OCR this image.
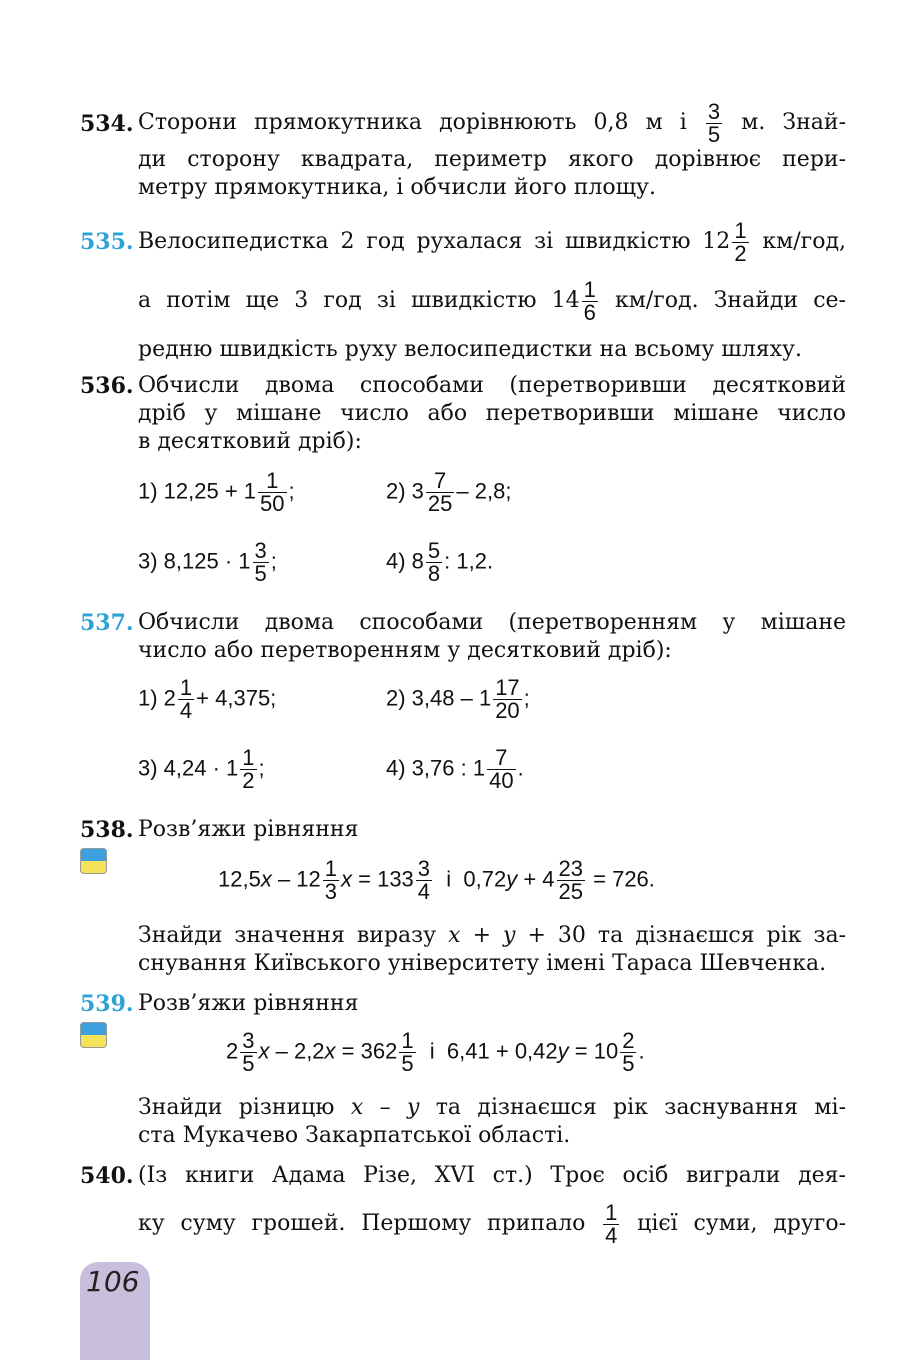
534. Сторони прямокутника дорівнюють 0,8 м і $\frac{3}{5} м$. Знай-
ди сторону квадрата, периметр якого дорівнює пери-
метру прямокутника, і обчисли його площу.
535. Велосипедистка 2 год рухалася зі швидкістю $12 \frac{1}{2} км/год$,
а потім ще 3 год зі швидкістю $14 \frac{1}{6} км/год$. Знайди се-
редню швидкість руху велосипедистки на всьому шляху.
536. Обчисли двома способами (перетворивши десятковий
дріб у мішане число або перетворивши мішане число
в десятковий дріб):
1) $12,25 + 1 \frac{1}{50}$ ;	2) $3 \frac{7}{25} - 2,8$;
3) $8,125 \cdot 1 \frac{3}{5}$ ;	4) $8 \frac{5}{8}$ : 1,2.
537. Обчисли двома способами (перетворенням у мішане
число або перетворенням у десятковий дріб):
1) $2 \frac{1}{4} + 4,375$;	2) $3,48 - 1 \frac{17}{20}$ ;
3) $4,24 \cdot 1 \frac{1}{2}$ ;	4) 3,76 : $1 \frac{7}{40}$ .
538. Розв’яжи рівняння
$12,5x - 12 \frac{1}{3}$ $x = 133 \frac{3}{4}$ і  $0,72y + 4 \frac{23}{25} = 726$.
Знайди значення виразу x + y + 30 та дізнаєшся рік за-
снування Київського університету імені Тараса Шевченка.
539. Розв’яжи рівняння
$2 \frac{3}{5}$ $x - 2,2x = 362 \frac{1}{5}$ і  $6,41 + 0,42y = 10 \frac{2}{5}$ .
Знайди різницю x – y та дізнаєшся рік заснування мі-
ста Мукачево Закарпатської області.
540. (Із книги Адама Різе, XVI ст.) Троє осіб виграли дея-
ку суму грошей. Першому припало $\frac{1}{4}$ цієї суми, друго-
106
